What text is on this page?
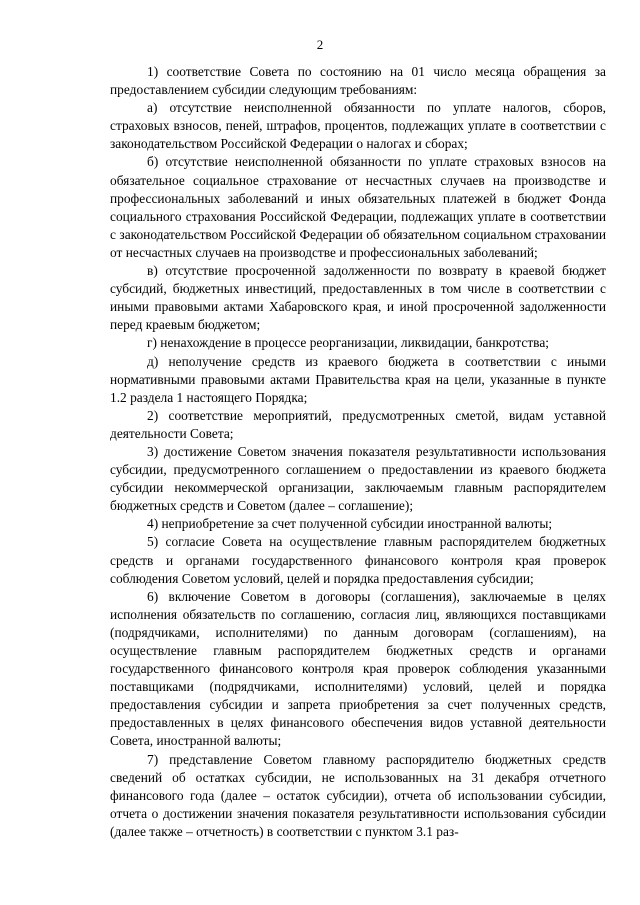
2

1) соответствие Совета по состоянию на 01 число месяца обращения за предоставлением субсидии следующим требованиям:

а) отсутствие неисполненной обязанности по уплате налогов, сборов, страховых взносов, пеней, штрафов, процентов, подлежащих уплате в соответствии с законодательством Российской Федерации о налогах и сборах;

б) отсутствие неисполненной обязанности по уплате страховых взносов на обязательное социальное страхование от несчастных случаев на производстве и профессиональных заболеваний и иных обязательных платежей в бюджет Фонда социального страхования Российской Федерации, подлежащих уплате в соответствии с законодательством Российской Федерации об обязательном социальном страховании от несчастных случаев на производстве и профессиональных заболеваний;

в) отсутствие просроченной задолженности по возврату в краевой бюджет субсидий, бюджетных инвестиций, предоставленных в том числе в соответствии с иными правовыми актами Хабаровского края, и иной просроченной задолженности перед краевым бюджетом;

г) ненахождение в процессе реорганизации, ликвидации, банкротства;

д) неполучение средств из краевого бюджета в соответствии с иными нормативными правовыми актами Правительства края на цели, указанные в пункте 1.2 раздела 1 настоящего Порядка;

2) соответствие мероприятий, предусмотренных сметой, видам уставной деятельности Совета;

3) достижение Советом значения показателя результативности использования субсидии, предусмотренного соглашением о предоставлении из краевого бюджета субсидии некоммерческой организации, заключаемым главным распорядителем бюджетных средств и Советом (далее – соглашение);

4) неприобретение за счет полученной субсидии иностранной валюты;

5) согласие Совета на осуществление главным распорядителем бюджетных средств и органами государственного финансового контроля края проверок соблюдения Советом условий, целей и порядка предоставления субсидии;

6) включение Советом в договоры (соглашения), заключаемые в целях исполнения обязательств по соглашению, согласия лиц, являющихся поставщиками (подрядчиками, исполнителями) по данным договорам (соглашениям), на осуществление главным распорядителем бюджетных средств и органами государственного финансового контроля края проверок соблюдения указанными поставщиками (подрядчиками, исполнителями) условий, целей и порядка предоставления субсидии и запрета приобретения за счет полученных средств, предоставленных в целях финансового обеспечения видов уставной деятельности Совета, иностранной валюты;

7) представление Советом главному распорядителю бюджетных средств сведений об остатках субсидии, не использованных на 31 декабря отчетного финансового года (далее – остаток субсидии), отчета об использовании субсидии, отчета о достижении значения показателя результативности использования субсидии (далее также – отчетность) в соответствии с пунктом 3.1 раз-
